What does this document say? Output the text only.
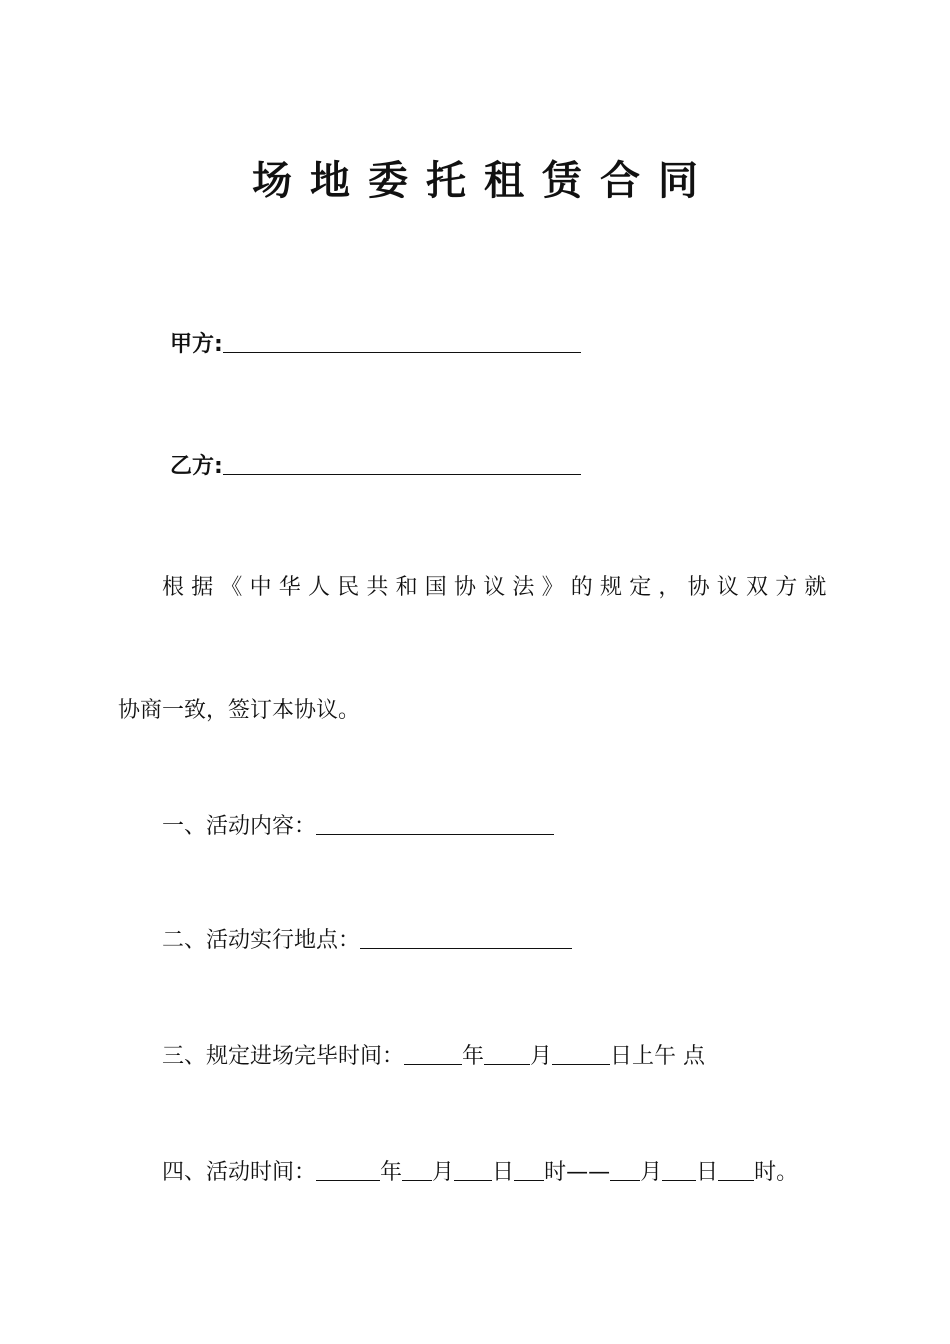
场地委托租赁合同
甲方:
乙方:
根据《中华人民共和国协议法》的规定，协议双方就
协商一致，签订本协议。
一、活动内容：
二、活动实行地点：
三、规定进场完毕时间：	年 月	日上午 点
四、活动时间：	年 月 日 时—— 月 日 时。
